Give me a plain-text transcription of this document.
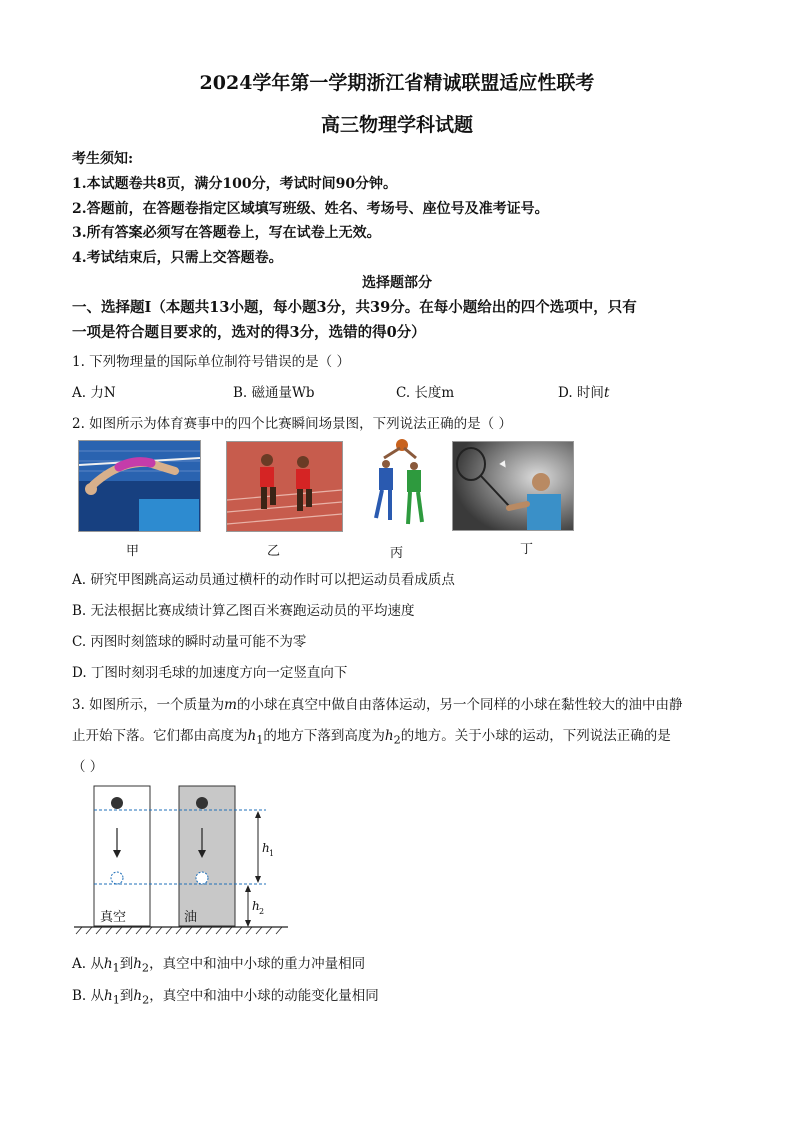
2024学年第一学期浙江省精诚联盟适应性联考
高三物理学科试题
考生须知:
1.本试题卷共8页，满分100分，考试时间90分钟。
2.答题前，在答题卷指定区域填写班级、姓名、考场号、座位号及准考证号。
3.所有答案必须写在答题卷上，写在试卷上无效。
4.考试结束后，只需上交答题卷。
选择题部分
一、选择题Ⅰ（本题共13小题，每小题3分，共39分。在每小题给出的四个选项中，只有
一项是符合题目要求的，选对的得3分，选错的得0分）
1. 下列物理量的国际单位制符号错误的是（ ）
A. 力N	B. 磁通量Wb	C. 长度m	D. 时间t
2. 如图所示为体育赛事中的四个比赛瞬间场景图，下列说法正确的是（ ）
甲	乙	丙	丁
A. 研究甲图跳高运动员通过横杆的动作时可以把运动员看成质点
B. 无法根据比赛成绩计算乙图百米赛跑运动员的平均速度
C. 丙图时刻篮球的瞬时动量可能不为零
D. 丁图时刻羽毛球的加速度方向一定竖直向下
3. 如图所示，一个质量为m的小球在真空中做自由落体运动，另一个同样的小球在黏性较大的油中由静
止开始下落。它们都由高度为$h_1$的地方下落到高度为$h_2$的地方。关于小球的运动，下列说法正确的是
（ ）
真空	油
h 1
h 2
A. 从$h_1$到$h_2$，真空中和油中小球的重力冲量相同
B. 从$h_1$到$h_2$，真空中和油中小球的动能变化量相同
